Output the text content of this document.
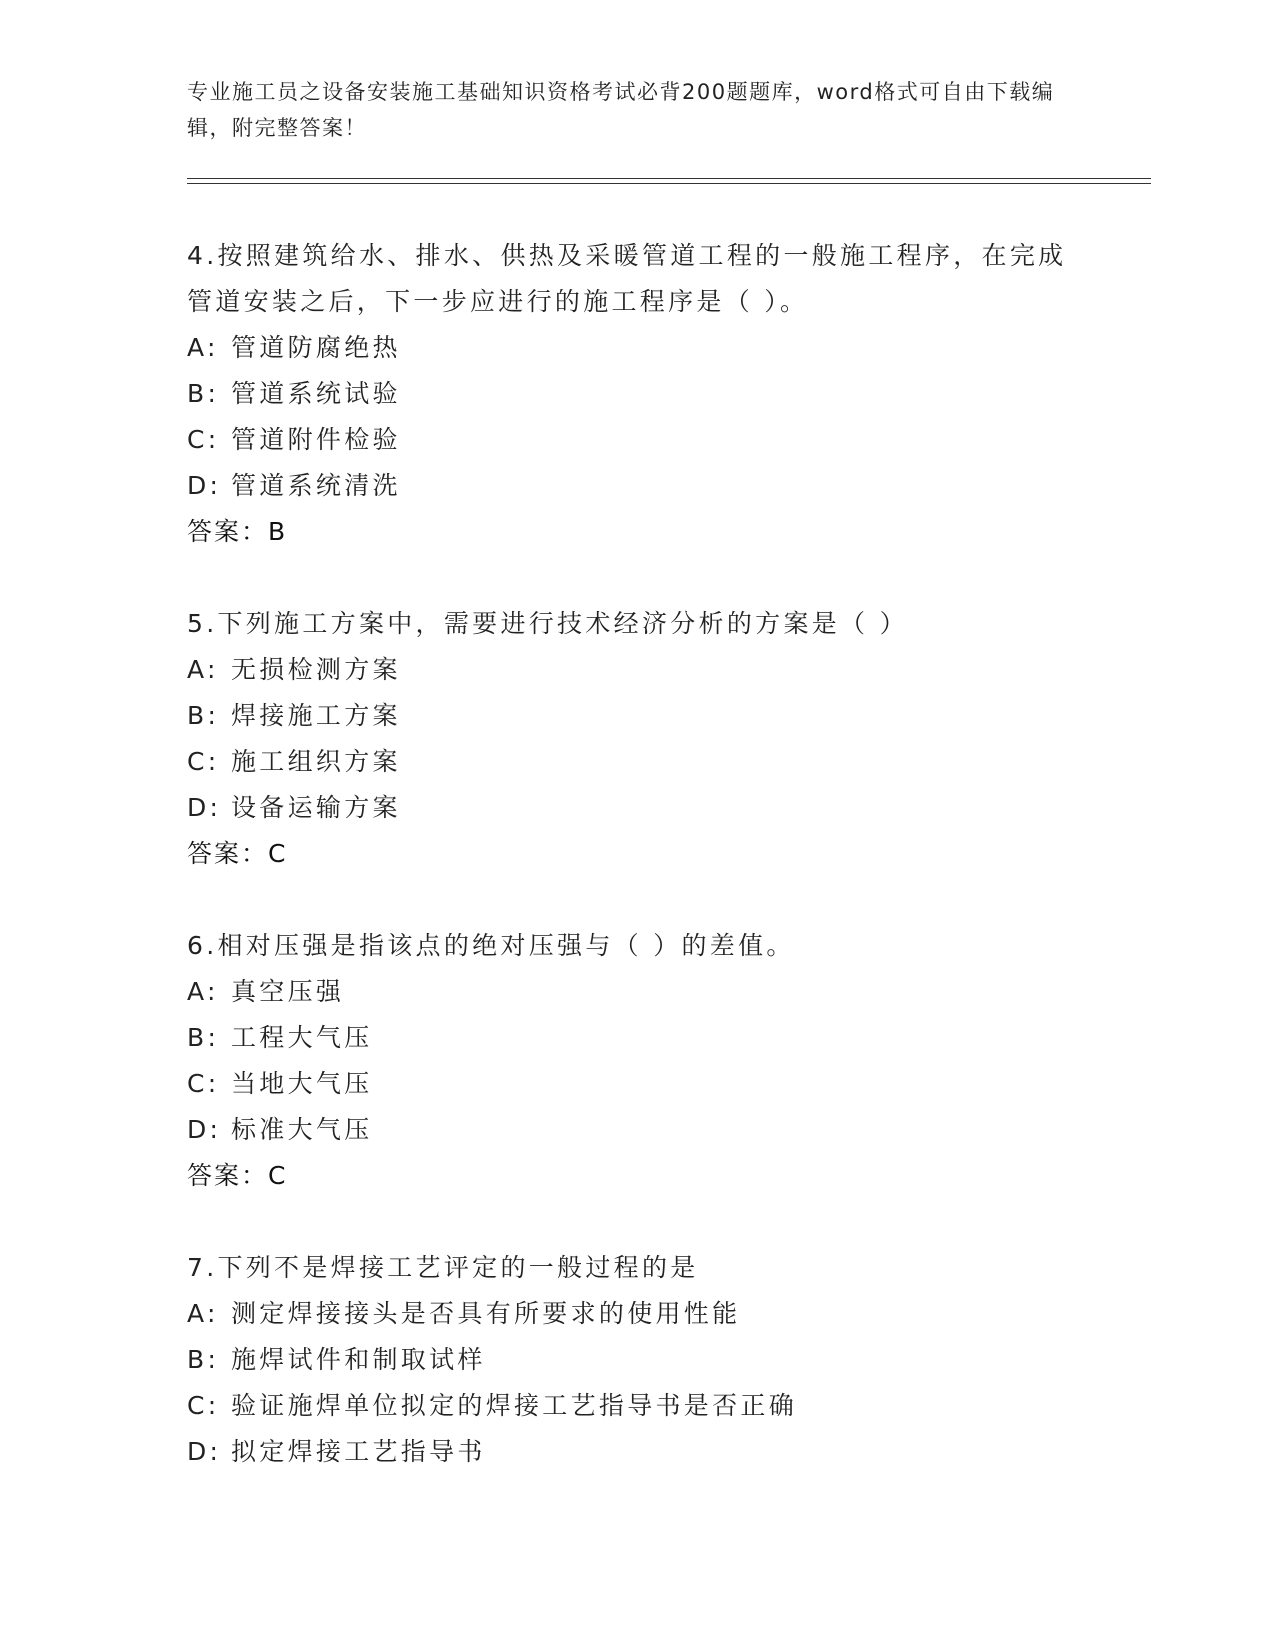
专业施工员之设备安装施工基础知识资格考试必背200题题库，word格式可自由下载编辑，附完整答案！
4.按照建筑给水、排水、供热及采暖管道工程的一般施工程序，在完成管道安装之后，下一步应进行的施工程序是（ ）。
A: 管道防腐绝热
B: 管道系统试验
C: 管道附件检验
D: 管道系统清洗
答案：B
5.下列施工方案中，需要进行技术经济分析的方案是（ ）
A: 无损检测方案
B: 焊接施工方案
C: 施工组织方案
D: 设备运输方案
答案：C
6.相对压强是指该点的绝对压强与（ ）的差值。
A: 真空压强
B: 工程大气压
C: 当地大气压
D: 标准大气压
答案：C
7.下列不是焊接工艺评定的一般过程的是
A: 测定焊接接头是否具有所要求的使用性能
B: 施焊试件和制取试样
C: 验证施焊单位拟定的焊接工艺指导书是否正确
D: 拟定焊接工艺指导书
